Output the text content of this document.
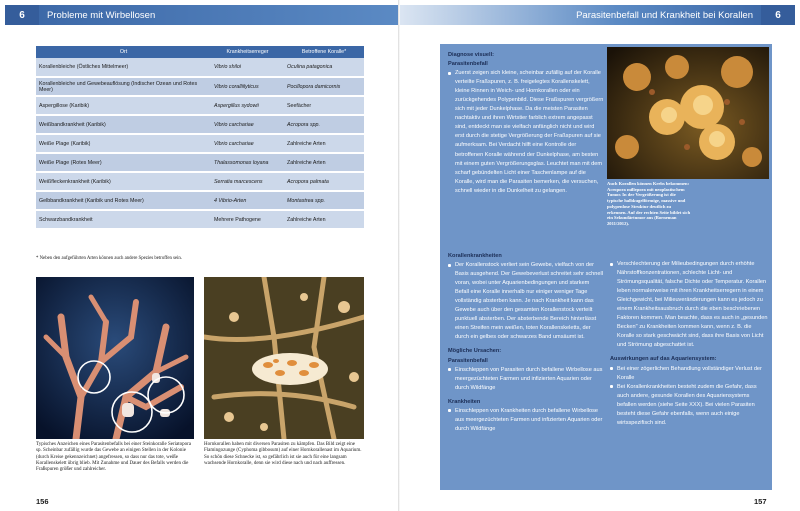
6	Probleme mit Wirbellosen
Ort	Krankheitserreger	Betroffene Koralle*
Korallenbleiche (Östliches Mittelmeer)	Vibrio shiloi	Oculina patagonica
Korallenbleiche und Gewebeauflösung (Indischer Ozean und Rotes Meer)	Vibrio coralliilyticus	Pocillopora damicornis
Aspergillose (Karibik)	Aspergillus sydowii	Seefächer
Weißbandkrankheit (Karibik)	Vibrio carchariae	Acropora spp.
Weiße Plage (Karibik)	Vibrio carchariae	Zahlreiche Arten
Weiße Plage (Rotes Meer)	Thalassomonas loyana	Zahlreiche Arten
Weißfleckenkrankheit (Karibik)	Serratia marcescens	Acropora palmata
Gelbbandkrankheit (Karibik und Rotes Meer)	4 Vibrio-Arten	Montastrea spp.
Schwarzbandkrankheit	Mehrere Pathogene	Zahlreiche Arten
* Neben den aufgeführten Arten können auch andere Spezies betroffen sein.
Typisches Anzeichen eines Parasitenbefalls bei einer Steinkoralle Seriatopora sp. Scheinbar zufällig wurde das Gewebe an einigen Stellen in der Kolonie (durch Kreise gekennzeichnet) angefressen, so dass nur das tote, weiße Korallenskelett übrig blieb. Mit Zunahme und Dauer des Befalls werden die Fraßspuren größer und zahlreicher.
Hornkorallen haben mit diversen Parasiten zu kämpfen. Das Bild zeigt eine Flamingozunge (Cyphoma gibbosum) auf einer Hornkorallenast im Aquarium. So schön diese Schnecke ist, so gefährlich ist sie auch für eine langsam wachsende Hornkoralle, denn sie wird diese nach und nach auffressen.
156
Parasitenbefall und Krankheit bei Korallen	6
157
Diagnose visuell:
Parasitenbefall
Zuerst zeigen sich kleine, scheinbar zufällig auf der Koralle verteilte Fraßspuren, z. B. freigelegtes Korallenskelett, kleine Rinnen in Weich- und Hornkorallen oder ein zurückgehendes Polypenbild. Diese Fraßspuren vergrößern sich mit jeder Dunkelphase. Da die meisten Parasiten nachtaktiv und ihren Wirtstier farblich extrem angepasst sind, entdeckt man sie vielfach anfänglich nicht und wird erst durch die stetige Vergrößerung der Fraßspuren auf sie aufmerksam. Bei Verdacht hilft eine Kontrolle der betroffenen Koralle während der Dunkelphase, am besten mit einem guten Vergrößerungsglas. Leuchtet man mit dem scharf gebündelten Licht einer Taschenlampe auf die Koralle, wird man die Parasiten bemerken, die versuchen, schnell wieder in die Dunkelheit zu gelangen.
Korallenkrankheiten
Der Korallenstock verliert sein Gewebe, vielfach von der Basis ausgehend. Der Gewebeverlust schreitet sehr schnell voran, wobei unter Aquarienbedingungen und starkem Befall eine Koralle innerhalb nur einiger weniger Tage vollständig absterben kann. Je nach Krankheit kann das Gewebe auch über den gesamten Korallenstock verteilt punktuell absterben. Der absterbende Bereich hinterlässt einen Streifen mein weißen, toten Korallenskeletts, der durch ein gelbes oder schwarzes Band umsäumt ist.
Mögliche Ursachen:
Parasitenbefall
Einschleppen von Parasiten durch befallene Wirbellose aus meergezüchteten Farmen und infizierten Aquarien oder durch Wildfänge
Krankheiten
Einschleppen von Krankheiten durch befallene Wirbellose aus meergezüchteten Farmen und infizierten Aquarien oder durch Wildfänge
Verschlechterung der Milieubedingungen durch erhöhte Nährstoffkonzentrationen, schlechte Licht- und Strömungsqualität, falsche Dichte oder Temperatur. Korallen leben normalerweise mit ihren Krankheitserregern in einem Gleichgewicht, bei Milieuveränderungen kann es jedoch zu einem Krankheitsausbruch durch die eben beschriebenen Faktoren kommen. Man beachte, dass es auch in „gesunden Becken" zu Krankheiten kommen kann, wenn z. B. die Koralle so stark geschwächt sind, dass ihre Basis von Licht und Strömung abgeschattet ist.
Auswirkungen auf das Aquariensystem:
Bei einer zögerlichen Behandlung vollständiger Verlust der Koralle
Bei Korallenkrankheiten besteht zudem die Gefahr, dass auch andere, gesunde Korallen des Aquariensystems befallen werden (siehe Seite XXX). Bei vielen Parasiten besteht diese Gefahr ebenfalls, wenn auch einige wirtsspezifisch sind.
Auch Korallen können Krebs bekommen: Acropora millepora mit neoplastischem Tumor. In der Vergrößerung ist die typische halbkugelförmige, massive und polypenlose Struktur deutlich zu erkennen. Auf der rechten Seite bildet sich ein Sekundärtumor aus (Borneman 2011/2012).
